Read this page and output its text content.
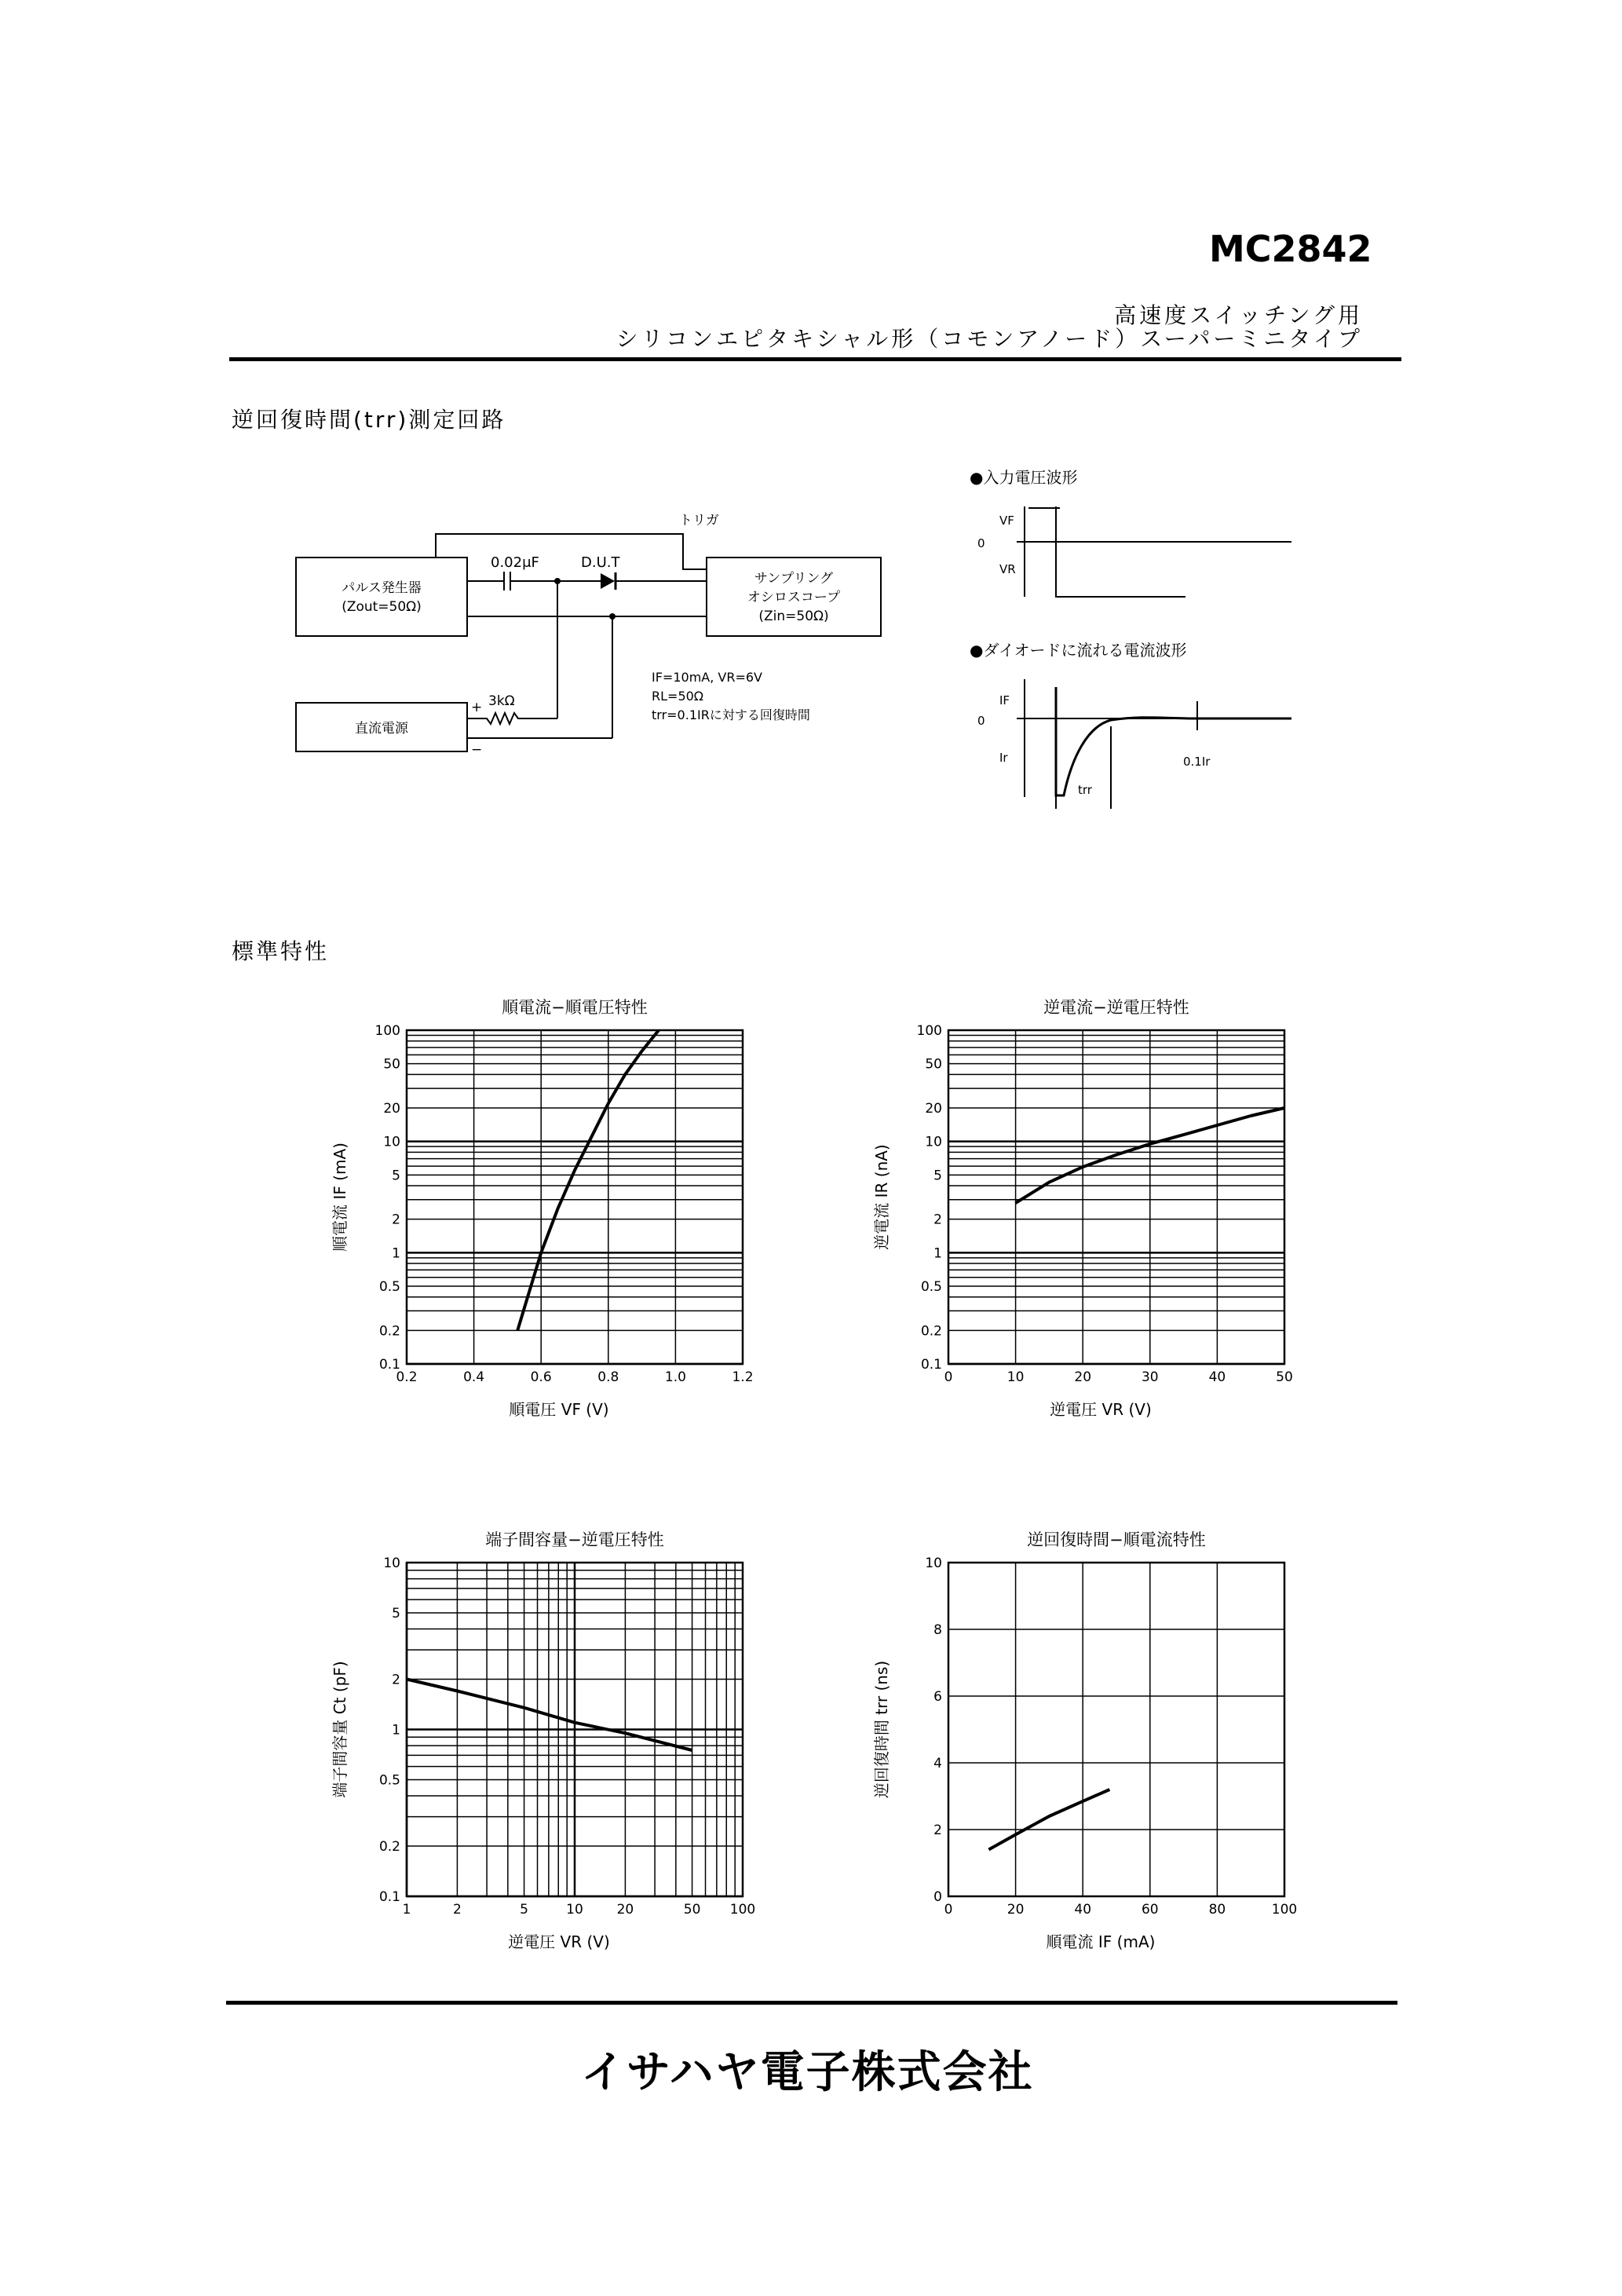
MC2842
高速度スイッチング用
シリコンエピタキシャル形（コモンアノード）スーパーミニタイプ
逆回復時間(trr)測定回路
パルス発生器
(Zout=50Ω)
直流電源
0.02μF	D.U.T
トリガ
サンプリング
オシロスコープ
(Zin=50Ω)
3kΩ
+
−
IF=10mA, VR=6V
RL=50Ω
trr=0.1IRに対する回復時間
●入力電圧波形
VF
0
VR
●ダイオードに流れる電流波形
IF
0
Ir
trr
0.1Ir
標準特性
順電流−順電圧特性
0.1
0.2
0.5
1
2
5
10
20
50
100
0.2	0.4	0.6	0.8	1.0	1.2
順電圧 VF (V)
順電流 IF (mA)
逆電流−逆電圧特性
0.1
0.2
0.5
1
2
5
10
20
50
100
0	10	20	30	40	50
逆電圧 VR (V)
逆電流 IR (nA)
端子間容量−逆電圧特性
0.1
0.2
0.5
1
2
5
10
1	2	5	10	20	50 100
逆電圧 VR (V)
端子間容量 Ct (pF)
逆回復時間−順電流特性
0
2
4
6
8
10
0	20	40	60	80	100
順電流 IF (mA)
逆回復時間 trr (ns)
イサハヤ電子株式会社
